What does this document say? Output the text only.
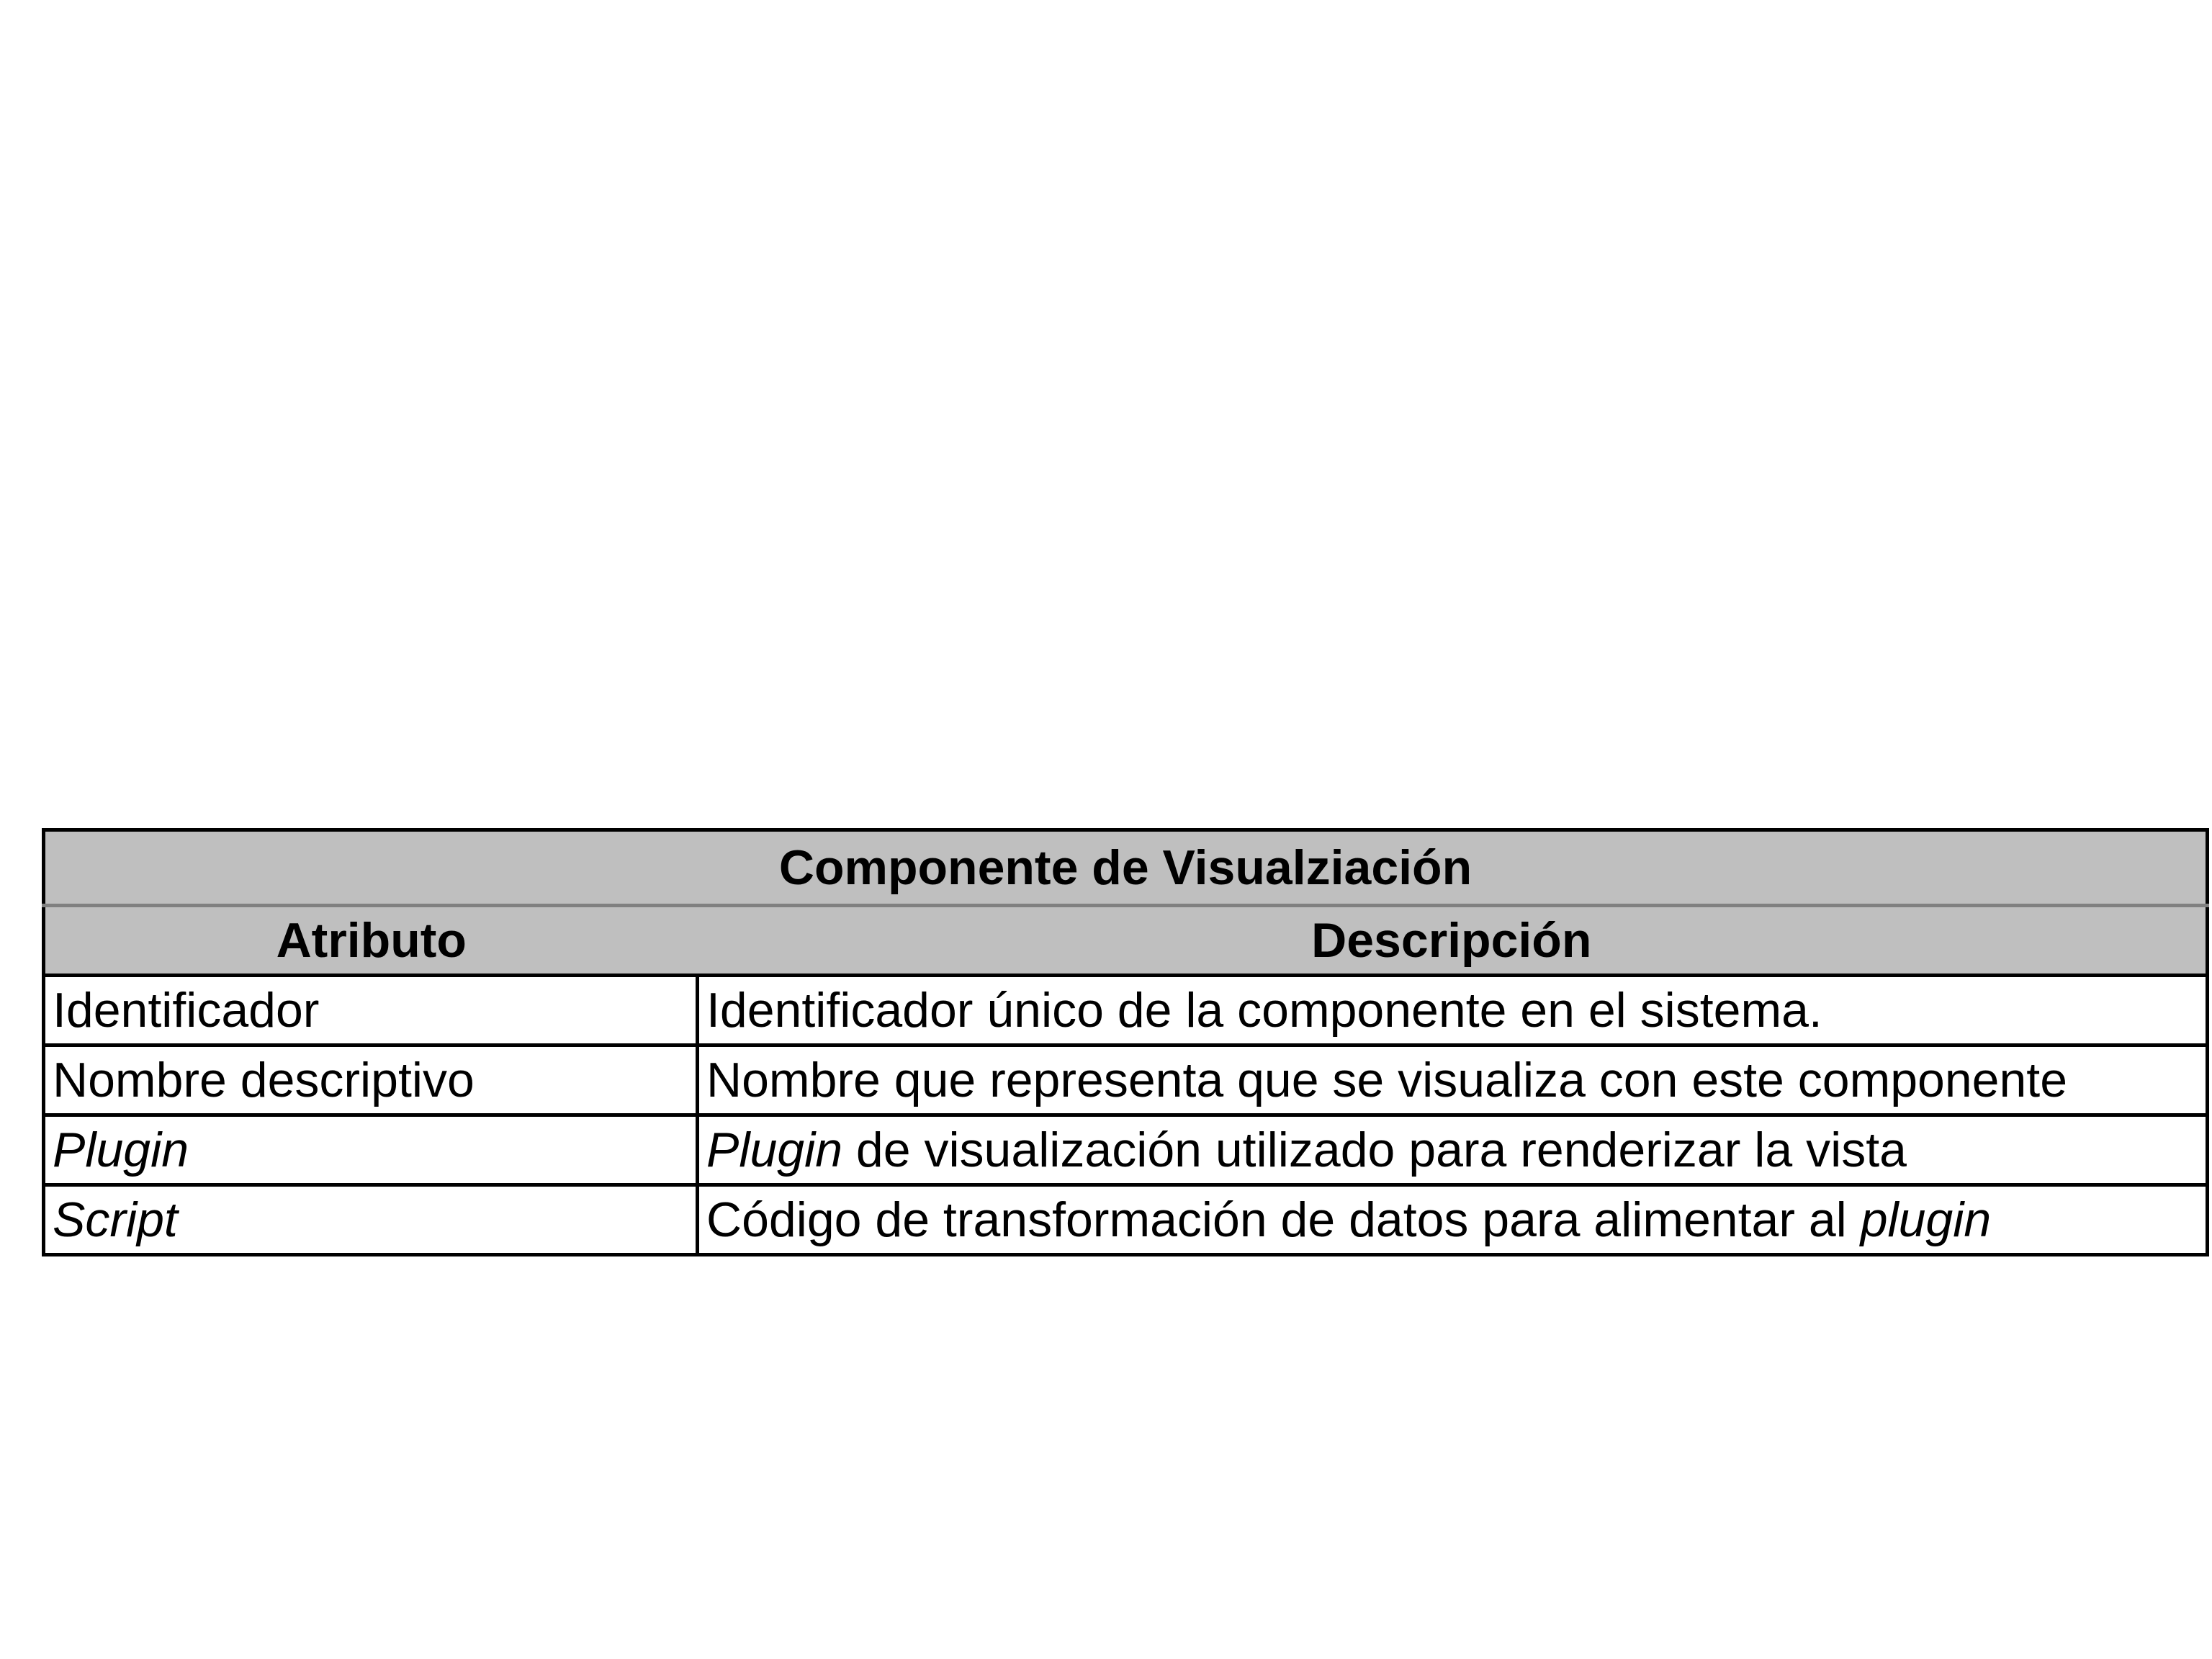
Componente de Visualziación	
Atributo	Descripción
Identificador	Identificador único de la componente en el sistema.
Nombre descriptivo	Nombre que representa que se visualiza con este componente
Plugin	Plugin de visualización utilizado para renderizar la vista
Script	Código de transformación de datos para alimentar al plugin
